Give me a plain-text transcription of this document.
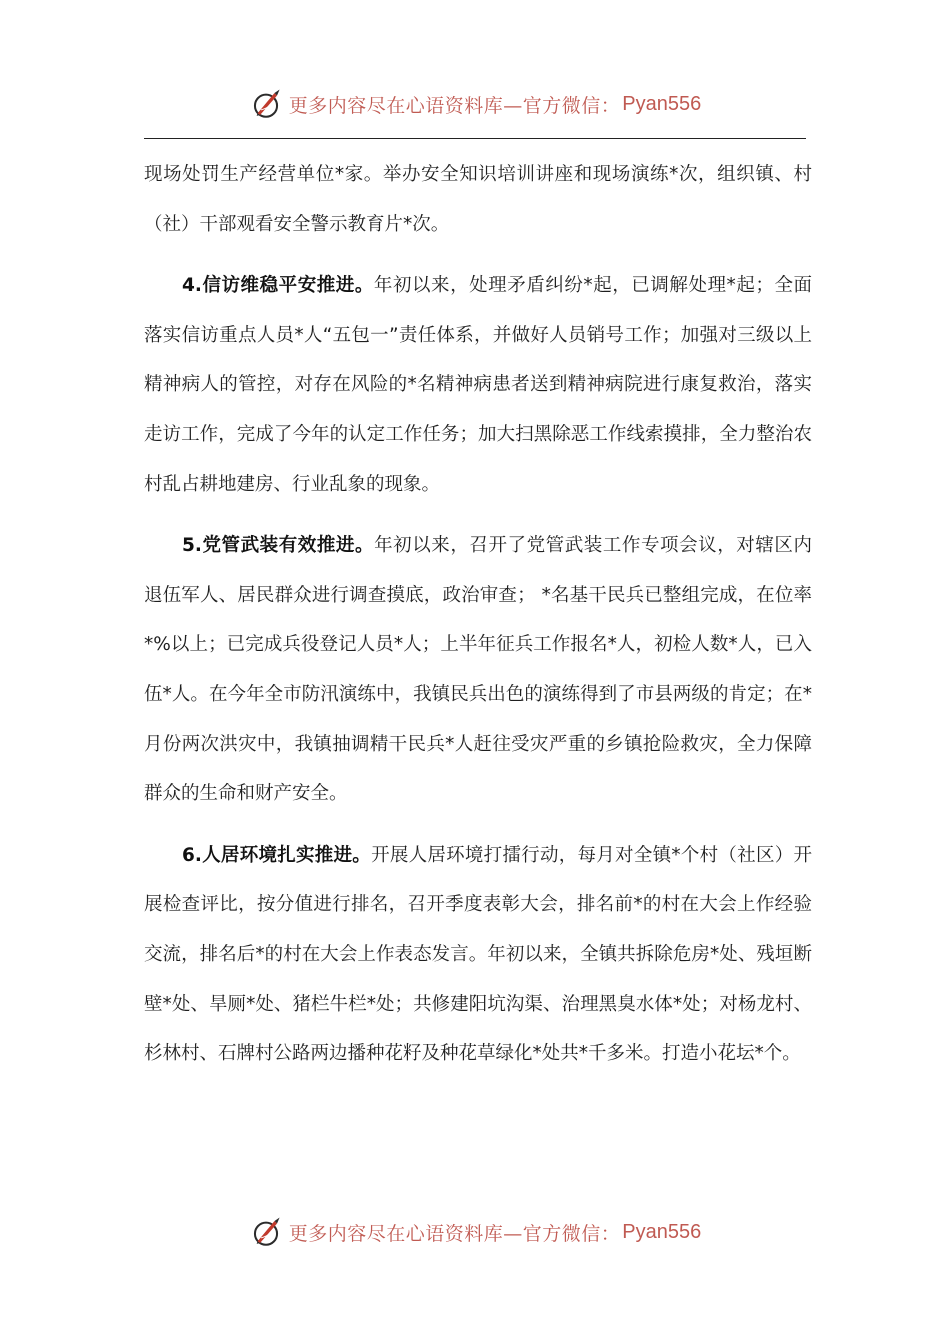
更多内容尽在心语资料库—官方微信： Pyan556

现场处罚生产经营单位*家。举办安全知识培训讲座和现场演练*次，组织镇、村（社）干部观看安全警示教育片*次。

4.信访维稳平安推进。年初以来，处理矛盾纠纷*起，已调解处理*起；全面落实信访重点人员*人“五包一”责任体系，并做好人员销号工作；加强对三级以上精神病人的管控，对存在风险的*名精神病患者送到精神病院进行康复救治，落实走访工作，完成了今年的认定工作任务；加大扫黑除恶工作线索摸排，全力整治农村乱占耕地建房、行业乱象的现象。

5.党管武装有效推进。年初以来，召开了党管武装工作专项会议，对辖区内退伍军人、居民群众进行调查摸底，政治审查； *名基干民兵已整组完成，在位率*%以上；已完成兵役登记人员*人；上半年征兵工作报名*人，初检人数*人，已入伍*人。在今年全市防汛演练中，我镇民兵出色的演练得到了市县两级的肯定；在*月份两次洪灾中，我镇抽调精干民兵*人赶往受灾严重的乡镇抢险救灾，全力保障群众的生命和财产安全。

6.人居环境扎实推进。开展人居环境打擂行动，每月对全镇*个村（社区）开展检查评比，按分值进行排名，召开季度表彰大会，排名前*的村在大会上作经验交流，排名后*的村在大会上作表态发言。年初以来，全镇共拆除危房*处、残垣断壁*处、旱厕*处、猪栏牛栏*处；共修建阳坑沟渠、治理黑臭水体*处；对杨龙村、杉林村、石牌村公路两边播种花籽及种花草绿化*处共*千多米。打造小花坛*个。

更多内容尽在心语资料库—官方微信： Pyan556
